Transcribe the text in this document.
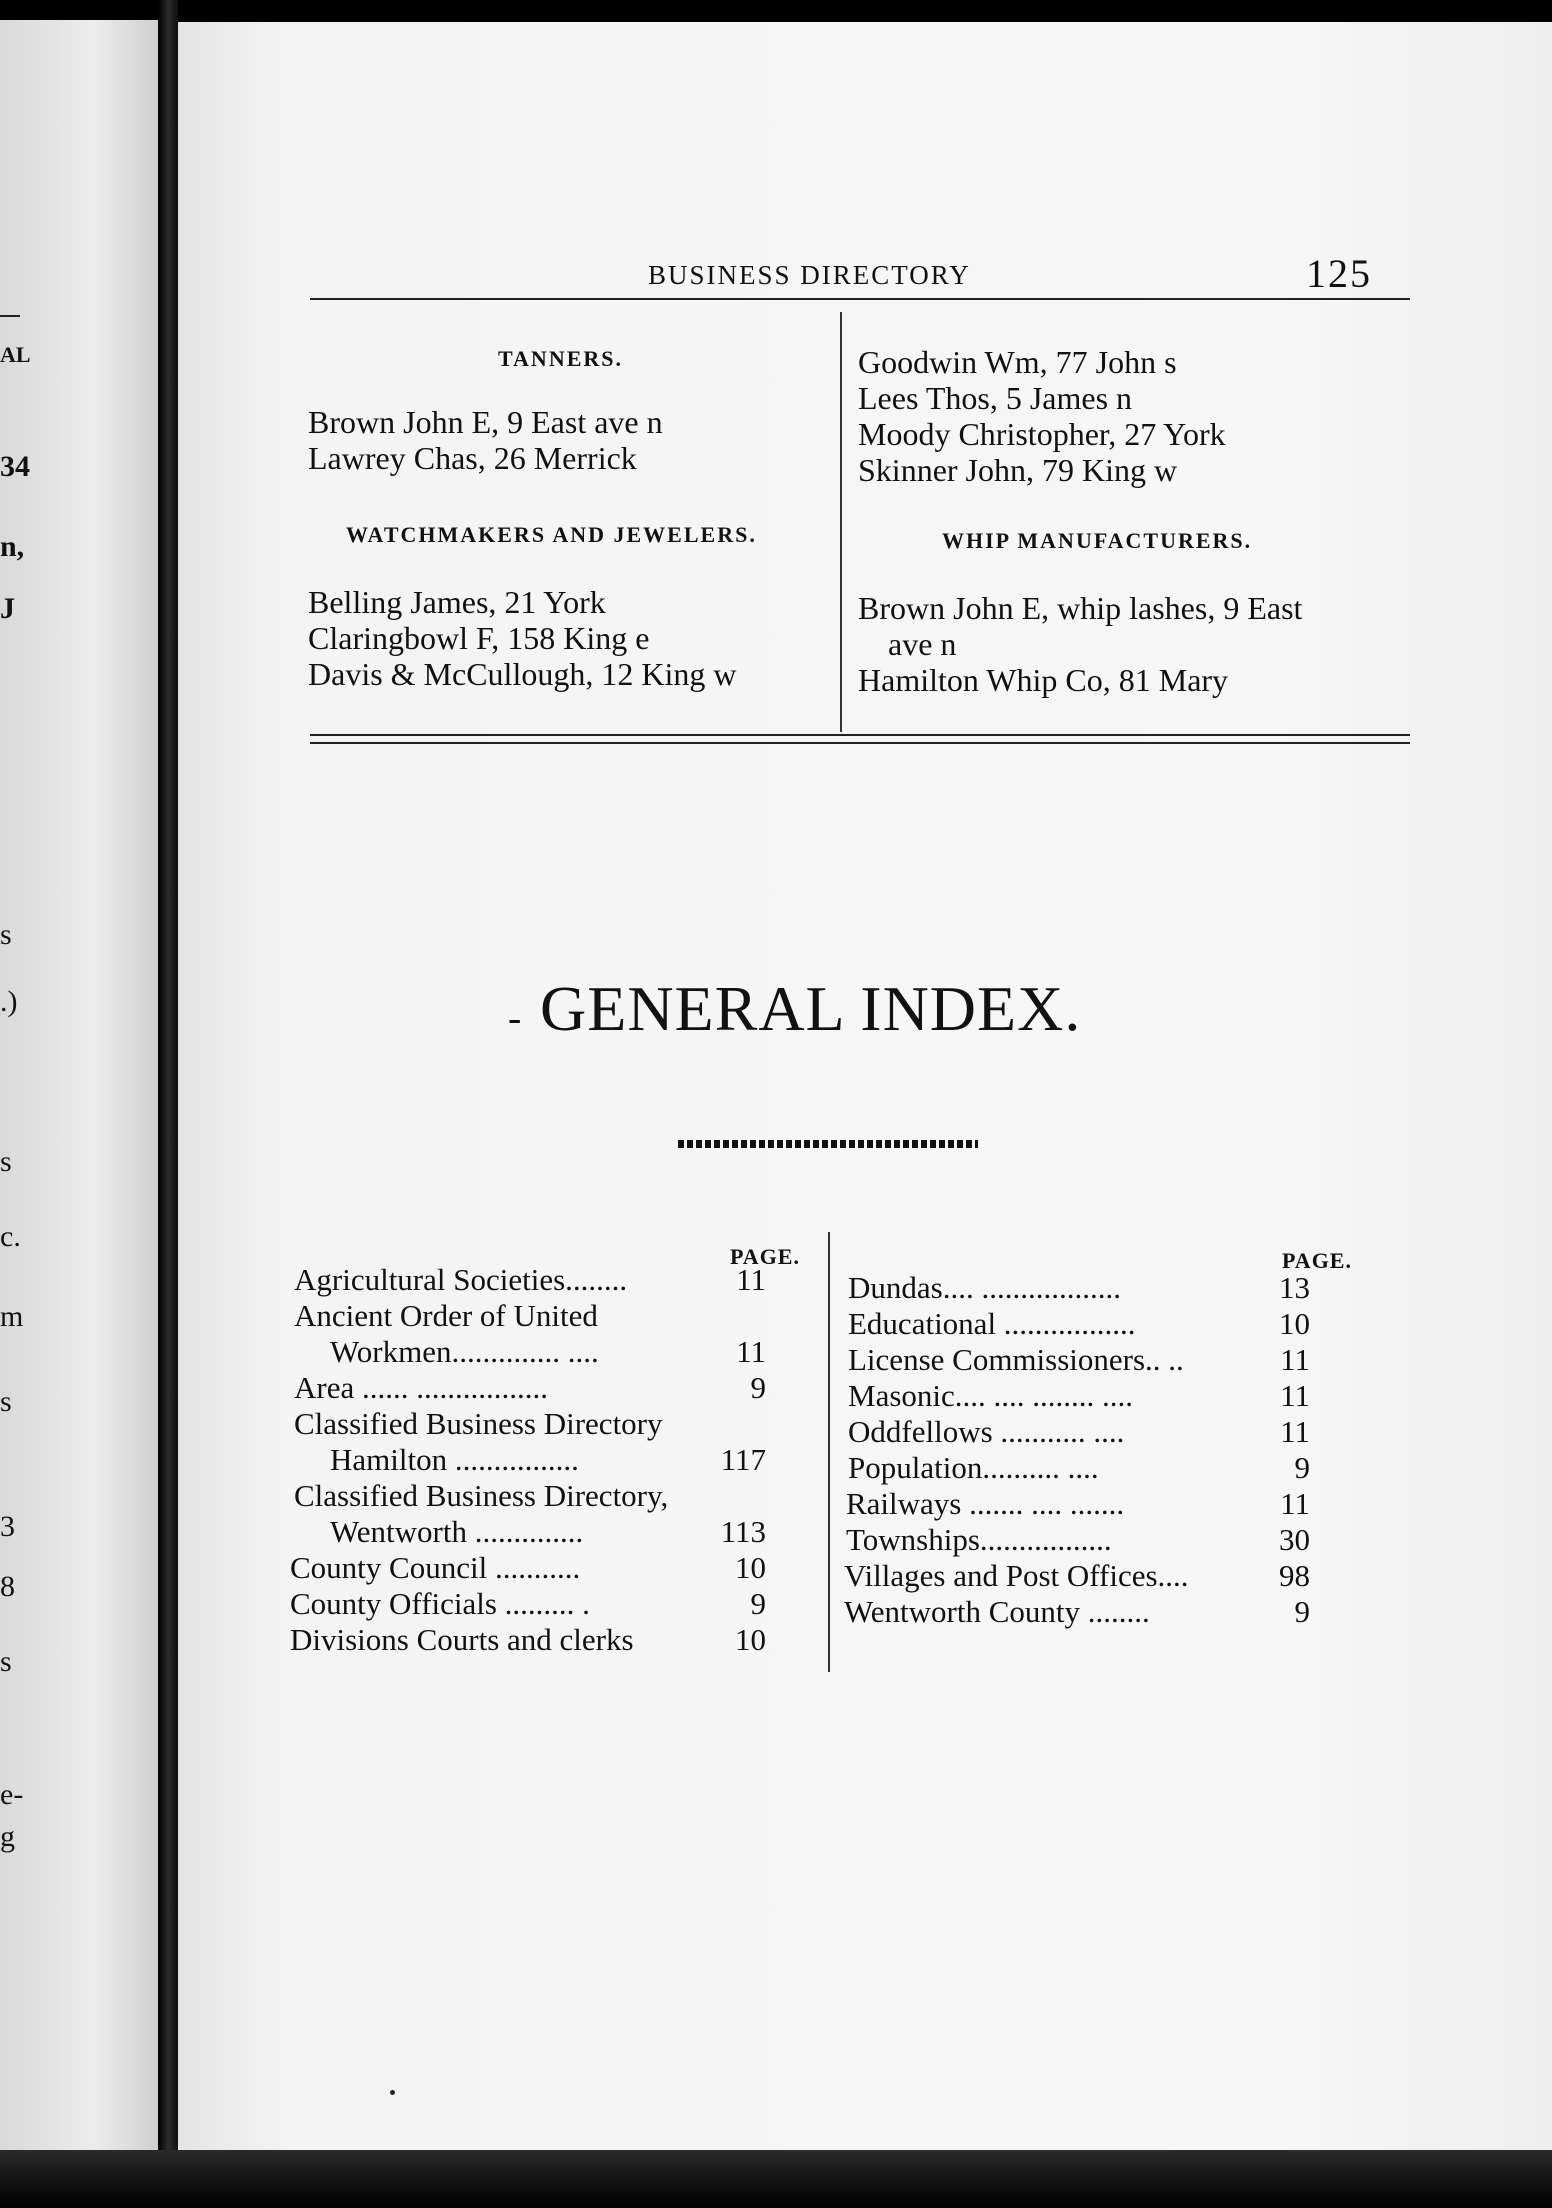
AL
34
n,
J
s
.)
s
c.
m
s
3
8
s
e-
g
BUSINESS DIRECTORY	125
TANNERS.
Brown John E, 9 East ave n
Lawrey Chas, 26 Merrick
WATCHMAKERS AND JEWELERS.
Belling James, 21 York
Claringbowl F, 158 King e
Davis & McCullough, 12 King w
Goodwin Wm, 77 John s
Lees Thos, 5 James n
Moody Christopher, 27 York
Skinner John, 79 King w
WHIP MANUFACTURERS.
Brown John E, whip lashes, 9 East
ave n
Hamilton Whip Co, 81 Mary
- GENERAL INDEX.
PAGE.	PAGE.
Agricultural Societies........	11
Ancient Order of United
Workmen.............. ....	11
Area ...... .................	9
Classified Business Directory
Hamilton ................	117
Classified Business Directory,
Wentworth ..............	113
County Council ...........	10
County Officials ......... .	9
Divisions Courts and clerks	10
Dundas.... ..................	13
Educational .................	10
License Commissioners.. ..	11
Masonic.... .... ........ ....	11
Oddfellows ........... ....	11
Population.......... ....	9
Railways ....... .... .......	11
Townships.................	30
Villages and Post Offices....	98
Wentworth County ........	9
